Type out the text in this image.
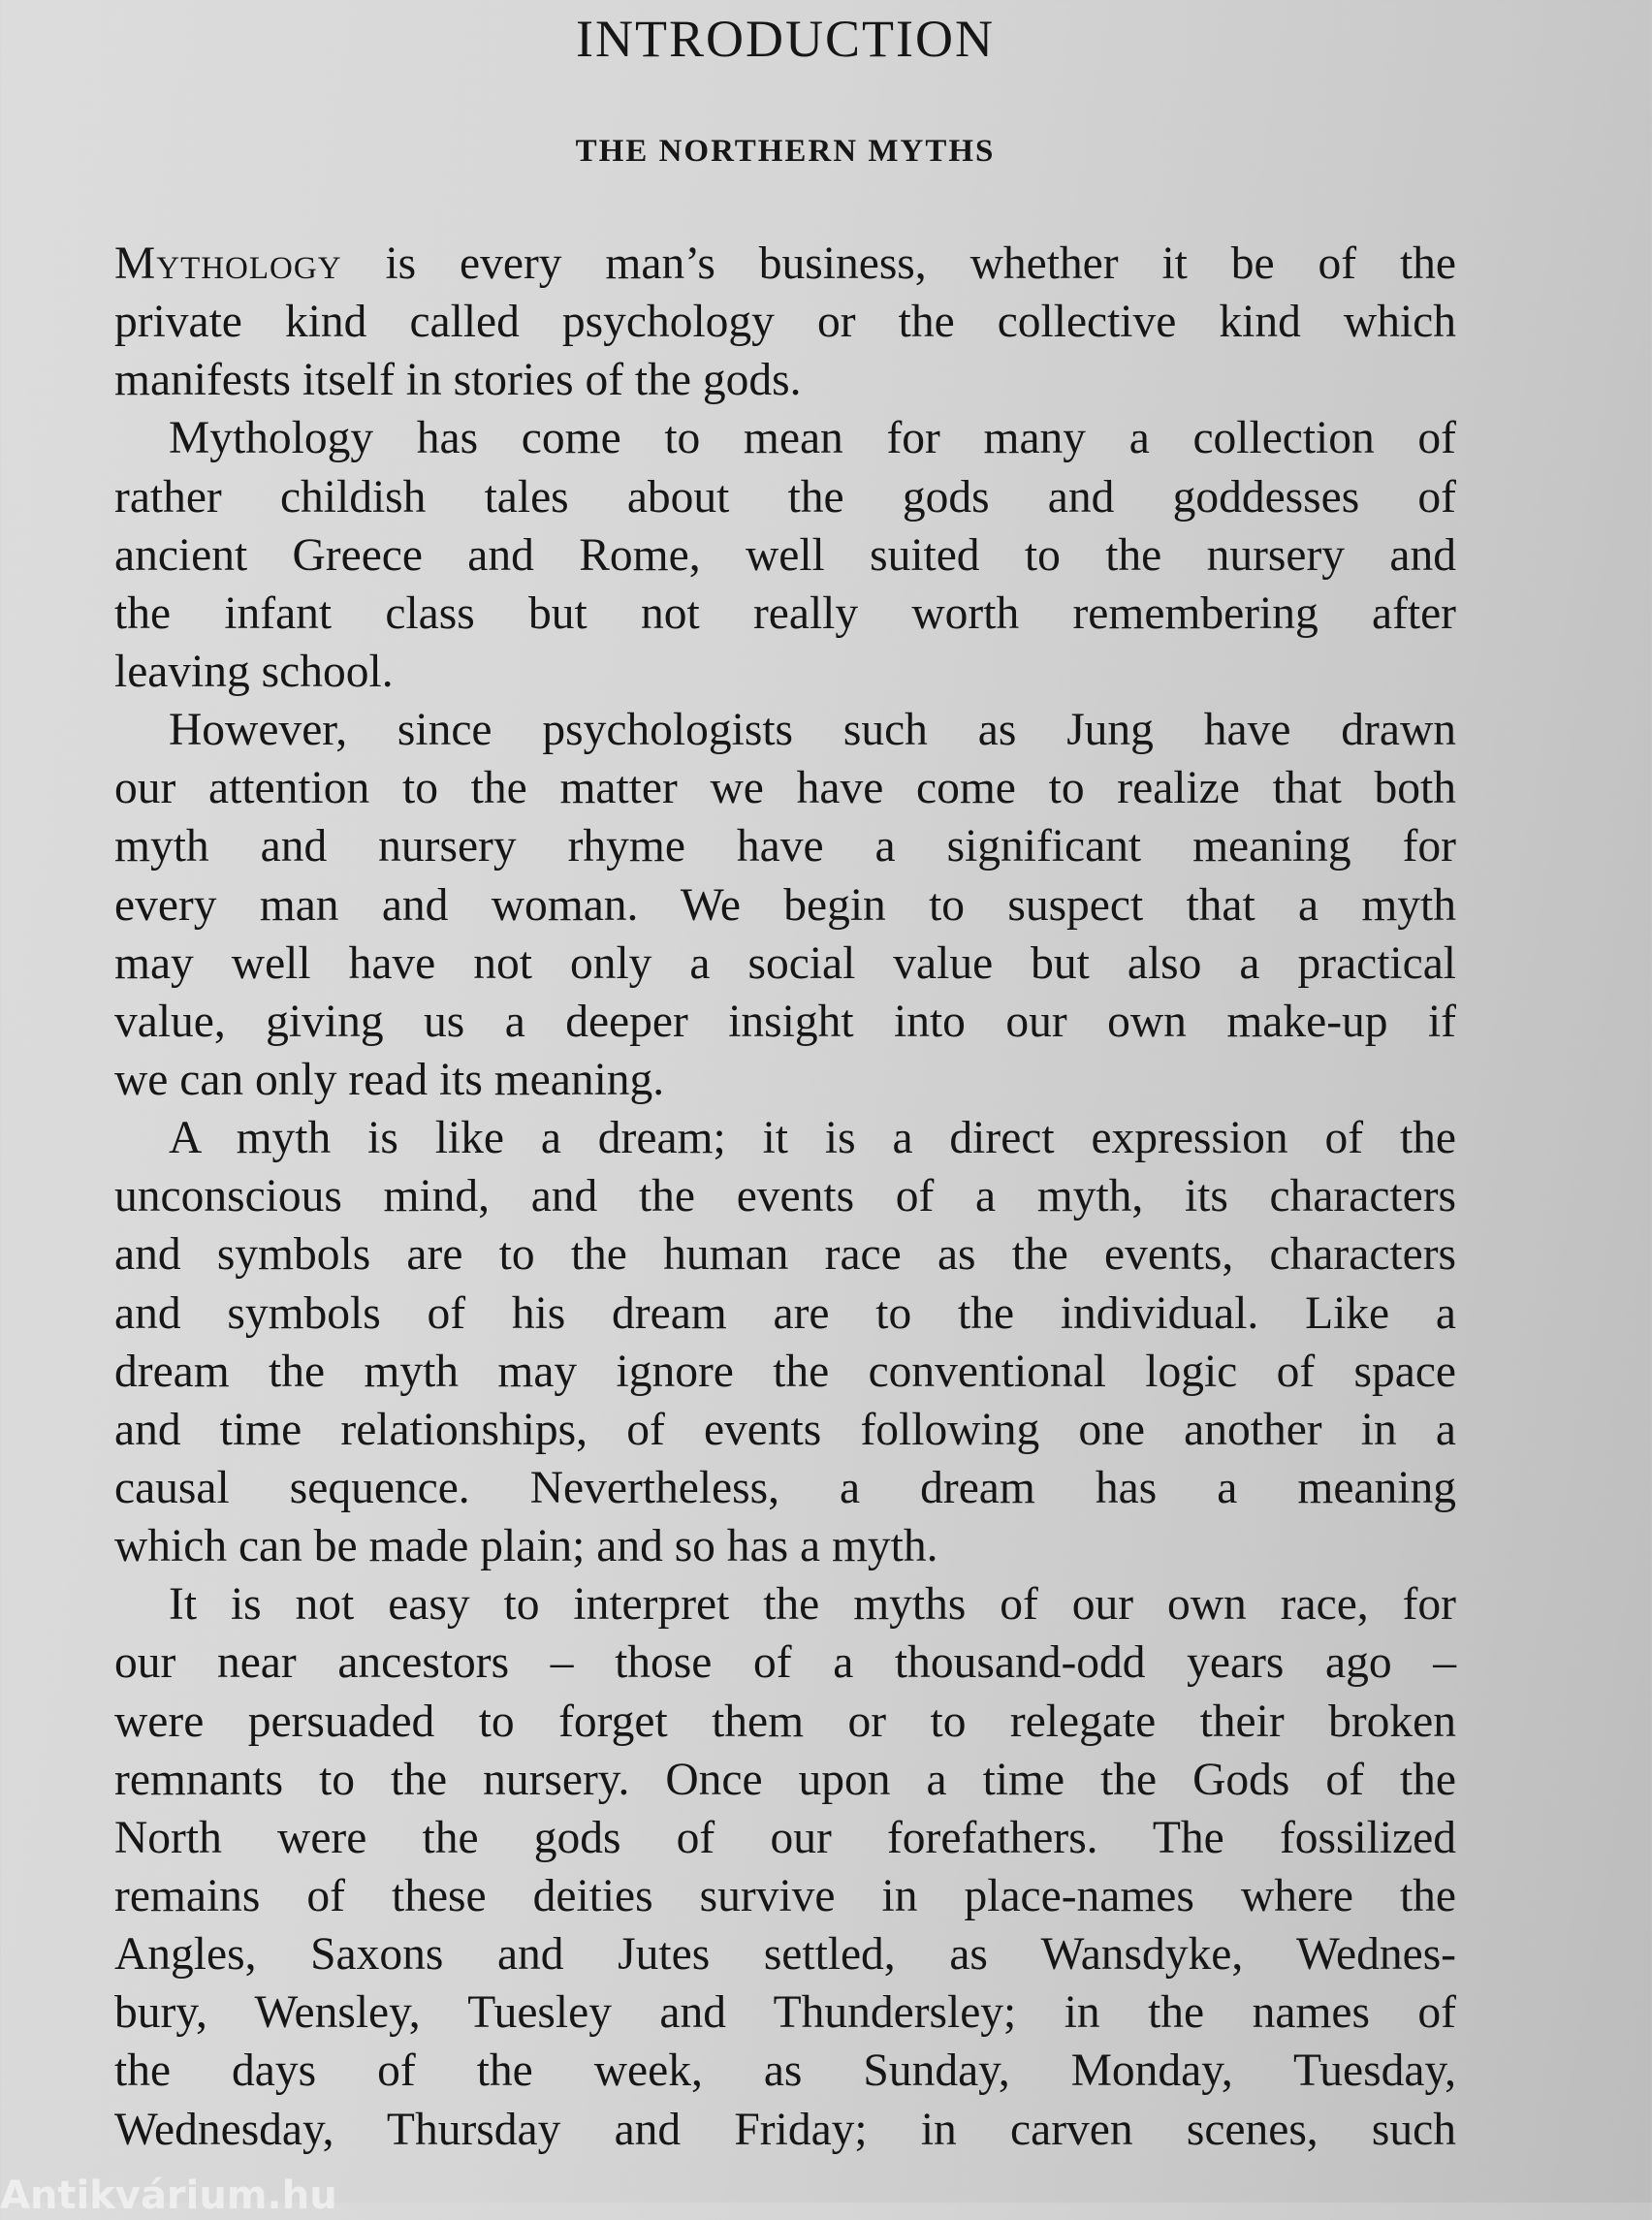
INTRODUCTION
THE NORTHERN MYTHS
Mythology is every man’s business, whether it be of the
private kind called psychology or the collective kind which
manifests itself in stories of the gods.
Mythology has come to mean for many a collection of
rather childish tales about the gods and goddesses of
ancient Greece and Rome, well suited to the nursery and
the infant class but not really worth remembering after
leaving school.
However, since psychologists such as Jung have drawn
our attention to the matter we have come to realize that both
myth and nursery rhyme have a significant meaning for
every man and woman. We begin to suspect that a myth
may well have not only a social value but also a practical
value, giving us a deeper insight into our own make-up if
we can only read its meaning.
A myth is like a dream; it is a direct expression of the
unconscious mind, and the events of a myth, its characters
and symbols are to the human race as the events, characters
and symbols of his dream are to the individual. Like a
dream the myth may ignore the conventional logic of space
and time relationships, of events following one another in a
causal sequence. Nevertheless, a dream has a meaning
which can be made plain; and so has a myth.
It is not easy to interpret the myths of our own race, for
our near ancestors – those of a thousand-odd years ago –
were persuaded to forget them or to relegate their broken
remnants to the nursery. Once upon a time the Gods of the
North were the gods of our forefathers. The fossilized
remains of these deities survive in place-names where the
Angles, Saxons and Jutes settled, as Wansdyke, Wednes-
bury, Wensley, Tuesley and Thundersley; in the names of
the days of the week, as Sunday, Monday, Tuesday,
Wednesday, Thursday and Friday; in carven scenes, such
Antikvárium.hu
